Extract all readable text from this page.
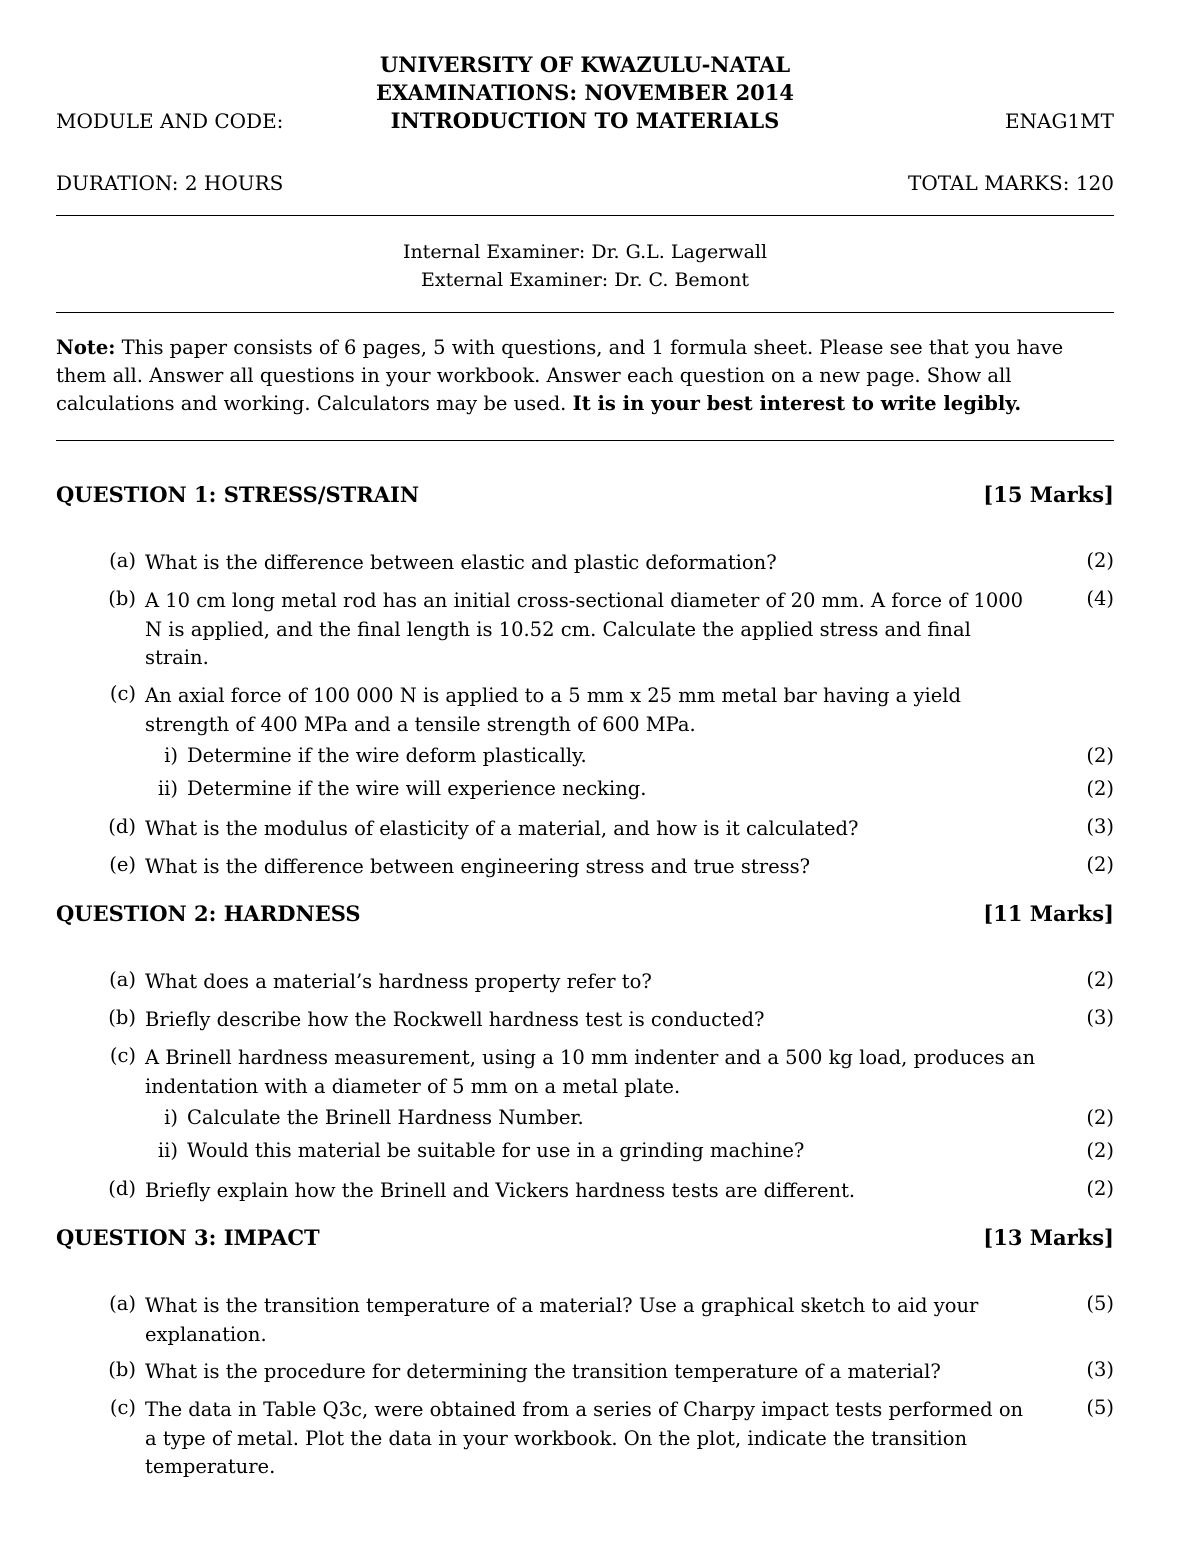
UNIVERSITY OF KWAZULU-NATAL
EXAMINATIONS: NOVEMBER 2014
MODULE AND CODE:	INTRODUCTION TO MATERIALS	ENAG1MT
DURATION: 2 HOURS	TOTAL MARKS: 120
Internal Examiner: Dr. G.L. Lagerwall
External Examiner: Dr. C. Bemont
Note: This paper consists of 6 pages, 5 with questions, and 1 formula sheet. Please see that you have them all. Answer all questions in your workbook. Answer each question on a new page. Show all calculations and working. Calculators may be used. It is in your best interest to write legibly.
QUESTION 1: STRESS/STRAIN	[15 Marks]
(a) What is the difference between elastic and plastic deformation?	(2)
(b) A 10 cm long metal rod has an initial cross-sectional diameter of 20 mm. A force of 1000 N is applied, and the final length is 10.52 cm. Calculate the applied stress and final strain.
(4)
(c) An axial force of 100 000 N is applied to a 5 mm x 25 mm metal bar having a yield strength of 400 MPa and a tensile strength of 600 MPa.
i) Determine if the wire deform plastically.	(2)
ii) Determine if the wire will experience necking.	(2)
(d) What is the modulus of elasticity of a material, and how is it calculated?	(3)
(e) What is the difference between engineering stress and true stress?	(2)
QUESTION 2: HARDNESS	[11 Marks]
(a) What does a material’s hardness property refer to?	(2)
(b) Briefly describe how the Rockwell hardness test is conducted?	(3)
(c) A Brinell hardness measurement, using a 10 mm indenter and a 500 kg load, produces an indentation with a diameter of 5 mm on a metal plate.
i) Calculate the Brinell Hardness Number.	(2)
ii) Would this material be suitable for use in a grinding machine?	(2)
(d) Briefly explain how the Brinell and Vickers hardness tests are different.	(2)
QUESTION 3: IMPACT	[13 Marks]
(a) What is the transition temperature of a material? Use a graphical sketch to aid your explanation.
(5)
(b) What is the procedure for determining the transition temperature of a material?	(3)
(c) The data in Table Q3c, were obtained from a series of Charpy impact tests performed on a type of metal. Plot the data in your workbook. On the plot, indicate the transition temperature.
(5)
